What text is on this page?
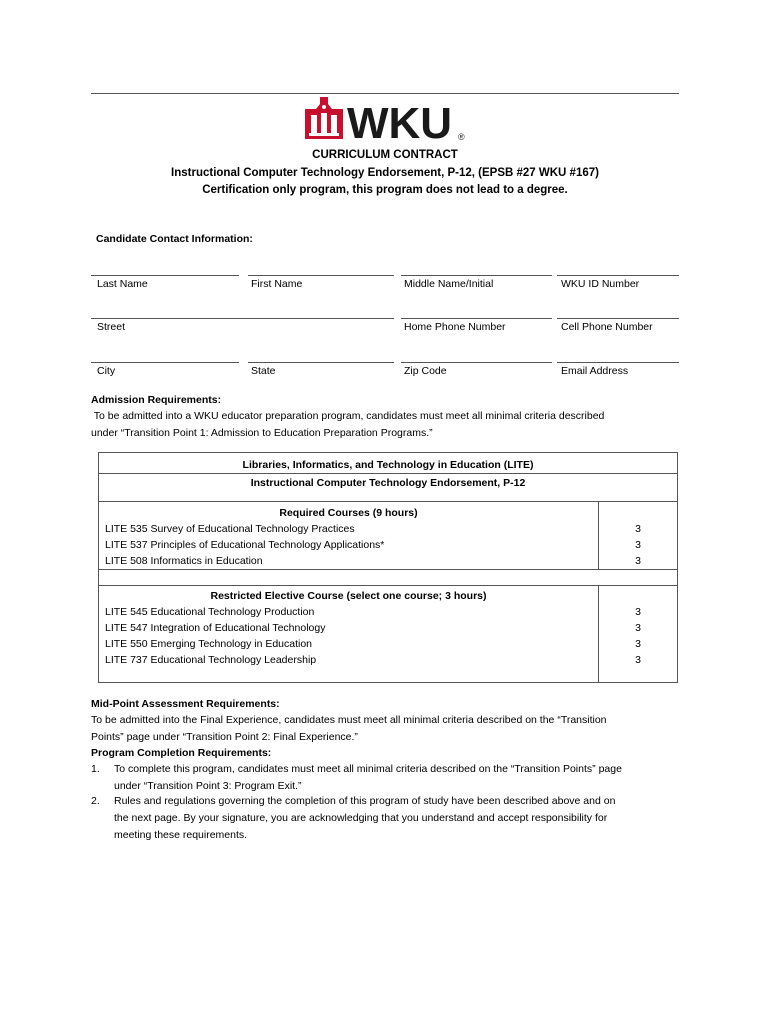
WKU ®
CURRICULUM CONTRACT
Instructional Computer Technology Endorsement, P-12, (EPSB #27 WKU #167)
Certification only program, this program does not lead to a degree.
Candidate Contact Information:
Last Name	First Name	Middle Name/Initial	WKU ID Number
Street	Home Phone Number	Cell Phone Number
City	State	Zip Code	Email Address
Admission Requirements:
To be admitted into a WKU educator preparation program, candidates must meet all minimal criteria described
under “Transition Point 1: Admission to Education Preparation Programs.”
Libraries, Informatics, and Technology in Education (LITE)	
Instructional Computer Technology Endorsement, P-12	
Required Courses (9 hours)	
LITE 535 Survey of Educational Technology Practices	3
LITE 537 Principles of Educational Technology Applications*	3
LITE 508 Informatics in Education	3

Restricted Elective Course (select one course; 3 hours)	
LITE 545 Educational Technology Production	3
LITE 547 Integration of Educational Technology	3
LITE 550 Emerging Technology in Education	3
LITE 737 Educational Technology Leadership	3

Mid-Point Assessment Requirements:
To be admitted into the Final Experience, candidates must meet all minimal criteria described on the “Transition
Points” page under “Transition Point 2: Final Experience.”
Program Completion Requirements:
1.	To complete this program, candidates must meet all minimal criteria described on the “Transition Points” page
under “Transition Point 3: Program Exit.”
2.	Rules and regulations governing the completion of this program of study have been described above and on
the next page. By your signature, you are acknowledging that you understand and accept responsibility for
meeting these requirements.
